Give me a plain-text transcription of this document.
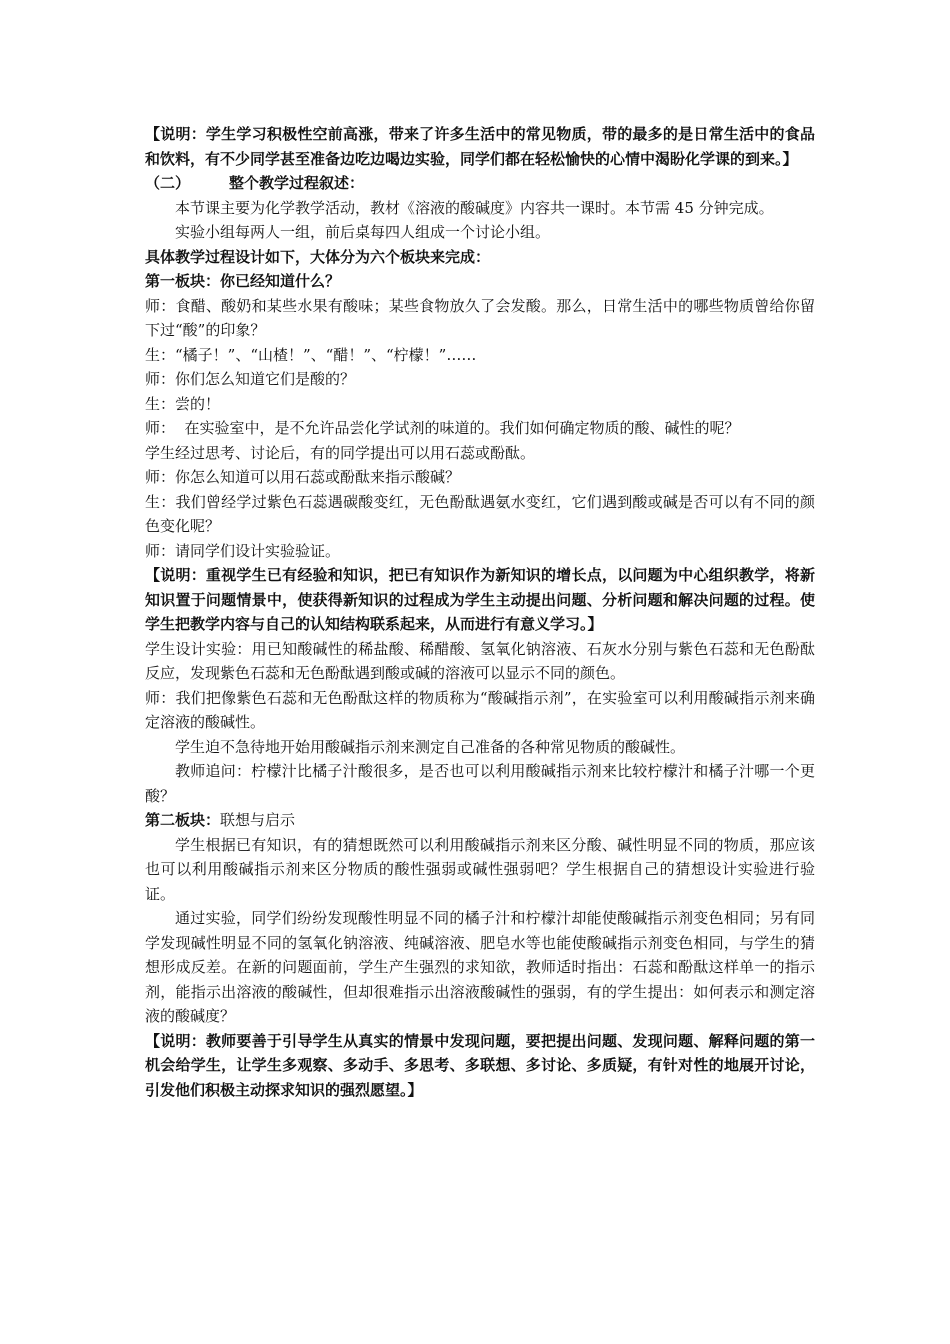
【说明：学生学习积极性空前高涨，带来了许多生活中的常见物质，带的最多的是日常生活中的食品和饮料，有不少同学甚至准备边吃边喝边实验，同学们都在轻松愉快的心情中渴盼化学课的到来。】

（二）	整个教学过程叙述：

本节课主要为化学教学活动，教材《溶液的酸碱度》内容共一课时。本节需 45 分钟完成。

实验小组每两人一组，前后桌每四人组成一个讨论小组。

具体教学过程设计如下，大体分为六个板块来完成：

第一板块：你已经知道什么？

师：食醋、酸奶和某些水果有酸味；某些食物放久了会发酸。那么，日常生活中的哪些物质曾给你留下过“酸”的印象？

生：“橘子！”、“山楂！”、“醋！”、“柠檬！”……

师：你们怎么知道它们是酸的？

生：尝的！

师：  在实验室中，是不允许品尝化学试剂的味道的。我们如何确定物质的酸、碱性的呢？

学生经过思考、讨论后，有的同学提出可以用石蕊或酚酞。

师：你怎么知道可以用石蕊或酚酞来指示酸碱？

生：我们曾经学过紫色石蕊遇碳酸变红，无色酚酞遇氨水变红，它们遇到酸或碱是否可以有不同的颜色变化呢？

师：请同学们设计实验验证。

【说明：重视学生已有经验和知识，把已有知识作为新知识的增长点，以问题为中心组织教学，将新知识置于问题情景中，使获得新知识的过程成为学生主动提出问题、分析问题和解决问题的过程。使学生把教学内容与自己的认知结构联系起来，从而进行有意义学习。】

学生设计实验：用已知酸碱性的稀盐酸、稀醋酸、氢氧化钠溶液、石灰水分别与紫色石蕊和无色酚酞反应，发现紫色石蕊和无色酚酞遇到酸或碱的溶液可以显示不同的颜色。

师：我们把像紫色石蕊和无色酚酞这样的物质称为“酸碱指示剂”，在实验室可以利用酸碱指示剂来确定溶液的酸碱性。

学生迫不急待地开始用酸碱指示剂来测定自己准备的各种常见物质的酸碱性。

教师追问：柠檬汁比橘子汁酸很多，是否也可以利用酸碱指示剂来比较柠檬汁和橘子汁哪一个更酸？

第二板块：联想与启示

学生根据已有知识，有的猜想既然可以利用酸碱指示剂来区分酸、碱性明显不同的物质，那应该也可以利用酸碱指示剂来区分物质的酸性强弱或碱性强弱吧？学生根据自己的猜想设计实验进行验证。

通过实验，同学们纷纷发现酸性明显不同的橘子汁和柠檬汁却能使酸碱指示剂变色相同；另有同学发现碱性明显不同的氢氧化钠溶液、纯碱溶液、肥皂水等也能使酸碱指示剂变色相同，与学生的猜想形成反差。在新的问题面前，学生产生强烈的求知欲，教师适时指出：石蕊和酚酞这样单一的指示剂，能指示出溶液的酸碱性，但却很难指示出溶液酸碱性的强弱，有的学生提出：如何表示和测定溶液的酸碱度？

【说明：教师要善于引导学生从真实的情景中发现问题，要把提出问题、发现问题、解释问题的第一机会给学生，让学生多观察、多动手、多思考、多联想、多讨论、多质疑，有针对性的地展开讨论，引发他们积极主动探求知识的强烈愿望。】
